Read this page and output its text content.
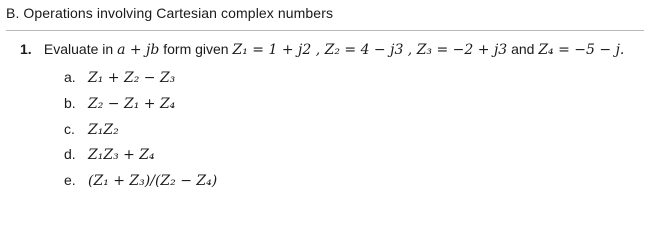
B. Operations involving Cartesian complex numbers
1. Evaluate in a + jb form given Z₁ = 1 + j2 , Z₂ = 4 − j3 , Z₃ = −2 + j3 and Z₄ = −5 − j.
a. Z₁ + Z₂ − Z₃
b. Z₂ − Z₁ + Z₄
c. Z₁Z₂
d. Z₁Z₃ + Z₄
e. (Z₁ + Z₃)/(Z₂ − Z₄)
